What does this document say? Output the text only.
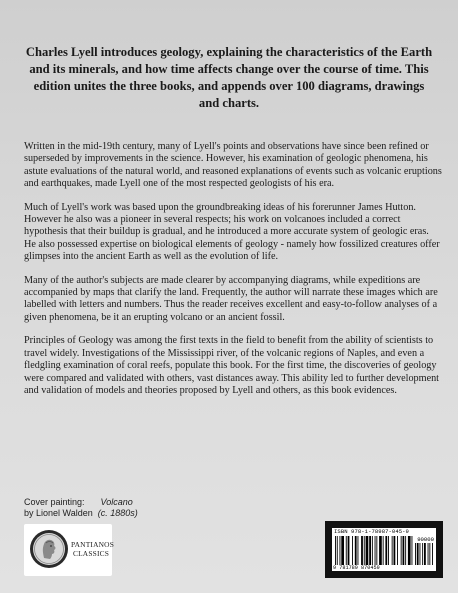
Charles Lyell introduces geology, explaining the characteristics of the Earth and its minerals, and how time affects change over the course of time. This edition unites the three books, and appends over 100 diagrams, drawings and charts.

Written in the mid-19th century, many of Lyell's points and observations have since been refined or superseded by improvements in the science. However, his examination of geologic phenomena, his astute evaluations of the natural world, and reasoned explanations of events such as volcanic eruptions and earthquakes, made Lyell one of the most respected geologists of his era.

Much of Lyell's work was based upon the groundbreaking ideas of his forerunner James Hutton. However he also was a pioneer in several respects; his work on volcanoes included a correct hypothesis that their buildup is gradual, and he introduced a more accurate system of geologic eras. He also possessed expertise on biological elements of geology - namely how fossilized creatures offer glimpses into the ancient Earth as well as the evolution of life.

Many of the author's subjects are made clearer by accompanying diagrams, while expeditions are accompanied by maps that clarify the land. Frequently, the author will narrate these images which are labelled with letters and numbers. Thus the reader receives excellent and easy-to-follow analyses of a given phenomena, be it an erupting volcano or an ancient fossil.

Principles of Geology was among the first texts in the field to benefit from the ability of scientists to travel widely. Investigations of the Mississippi river, of the volcanic regions of Naples, and even a fledgling examination of coral reefs, populate this book. For the first time, the discoveries of geology were compared and validated with others, vast distances away. This ability led to further development and validation of models and theories proposed by Lyell and others, as this book evidences.

Cover painting: Volcano
by Lionel Walden (c. 1880s)
PANTIANOS
CLASSICS
ISBN 978-1-78987-045-9
90000
9 781789 870459
